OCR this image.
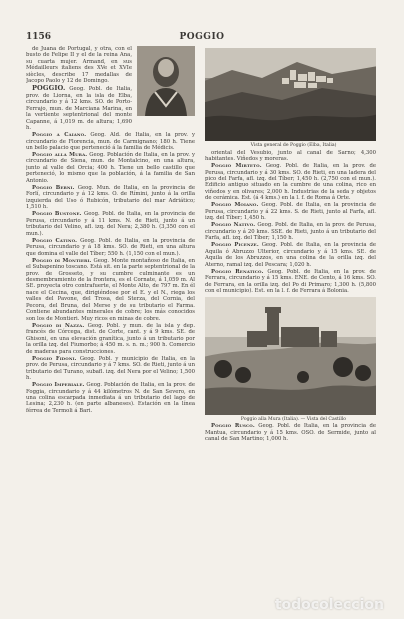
1156	POGGIO

de Juana de Portugal, y otra, con el busto de Felipe II y el de la reina Ana, su cuarta mujer. Armand, en sus Médailleurs italiens des XVe et XVIe siècles, describe 17 medallas de Jacopo Paolo y 12 de Domingo.

POGGIO. Geog. Pobl. de Italia, prov. de Liorna, en la isla de Elba, circundario y á 12 kms. SO. de Porto-Ferrajo, mun. de Marciana Marina, en la vertiente septentrional del monte Capanne, á 1,019 m. de altura; 1,690 h.

Poggio a Caiano. Geog. Ald. de Italia, en la prov. y circundario de Florencia, mun. de Carmignano; 180 h. Tiene un bello palacio que perteneció á la familia de Médicis.

Poggio alla Mura. Geog. Población de Italia, en la prov. y circundario de Siena, mun. de Montalcino, en una altura, junto al valle del Orcia; 400 h. Tiene un bello castillo que perteneció, lo mismo que la población, á la familia de San Antonio.

Poggio Berni. Geog. Mun. de Italia, en la provincia de Forlí, circundario y á 12 kms. O. de Rímini, junto á la orilla izquierda del Uso ó Rubicón, tributario del mar Adriático; 1,510 h.

Poggio Bustone. Geog. Pobl. de Italia, en la provincia de Perusa, circundario y á 11 kms. N. de Rieti, junto á un tributario del Velino, afl. izq. del Nera; 2,380 h. (3,350 con el mun.).

Poggio Catino. Geog. Pobl. de Italia, en la provincia de Perusa, circundario y á 18 kms. SO. de Rieti, en una altura que domina el valle del Tíber; 550 h. (1,150 con el mun.).

Poggio di Montieri. Geog. Monte montañoso de Italia, en el Subapenino toscano. Está sit. en la parte septentrional de la prov. de Grosseto, y su cumbre culminante es un desmembramiento de la frontera, es el Cornate, á 1,059 m. Al SE. proyecta otro contrafuerte, el Monte Alto, de 797 m. En él nace el Cecina, que, dirigiéndose por el E. y el N., riega los valles del Pavone, del Trosa, del Sterza, del Cornia, del Pecora, del Bruna, del Merse y de su tributario el Farma. Contiene abundantes minerales de cobre; los más conocidos son los de Montieri. Muy ricos en minas de cobre.

Poggio di Nazza. Geog. Pobl. y mun. de la isla y dep. francés de Córcega, dist. de Corte, cant. y á 9 kms. SE. de Ghisoni, en una elevación granítica, junto á un tributario por la orilla izq. del Fiumorbo; á 450 m. s. n. m.; 900 h. Comercio de maderas para construcciones.

Poggio Fidoni. Geog. Pobl. y municipio de Italia, en la prov. de Perusa, circundario y á 7 kms. SO. de Rieti, junto á un tributario del Turano, subafl. izq. del Nera por el Velino; 1,500 h.

Poggio Imperiale. Geog. Población de Italia, en la prov. de Foggia, circundario y á 44 kilómetros N. de San Severo, en una colina escarpada inmediata á un tributario del lago de Lesina; 2,230 h. (en parte albaneses). Estación en la línea férrea de Termoli á Bari.

Vista general de Poggio (Elba, Italia)

oriental del Vesubio, junto al canal de Sarno; 4,300 habitantes. Viñedos y moreras.

Poggio Mirteto. Geog. Pobl. de Italia, en la prov. de Perusa, circundario y á 30 kms. SO. de Rieti, en una ladera del pico del Farfa, afl. izq. del Tíber; 1,450 h. (2,750 con el mun.). Edificio antiguo situado en la cumbre de una colina, rico en viñedos y en olivares; 2,000 h. Industrias de la seda y objetos de cerámica. Est. (á 4 kms.) en la l. f. de Roma á Orte.

Poggio Moiano. Geog. Pobl. de Italia, en la provincia de Perusa, circundario y á 22 kms. S. de Rieti, junto al Farfa, afl. izq. del Tíber; 1,450 h.

Poggio Nativo. Geog. Pobl. de Italia, en la prov. de Perusa, circundario y á 20 kms. SSE. de Rieti, junto á un tributario del Farfa, afl. izq. del Tíber; 1,150 h.

Poggio Picenze. Geog. Pobl. de Italia, en la provincia de Aquila ó Abruzzo Ulterior, circundario y á 15 kms. SE. de Aquila de los Abruzzos, en una colina de la orilla izq. del Aterno, ramal izq. del Pescara; 1,020 h.

Poggio Renatico. Geog. Pobl. de Italia, en la prov. de Ferrara, circundario y á 15 kms. ENE. de Cento, á 16 kms. SO. de Ferrara, en la orilla izq. del Po di Primaro; 1,300 h. (5,800 con el municipio). Est. en la l. f. de Ferrara á Bolonia.

Poggio alla Mura (Italia). — Vista del Castillo

Poggio Rusco. Geog. Pobl. de Italia, en la provincia de Mantua, circundario y á 15 kms. OSO. de Sermide, junto al canal de San Martino; 1,000 h.

todocoleccion
